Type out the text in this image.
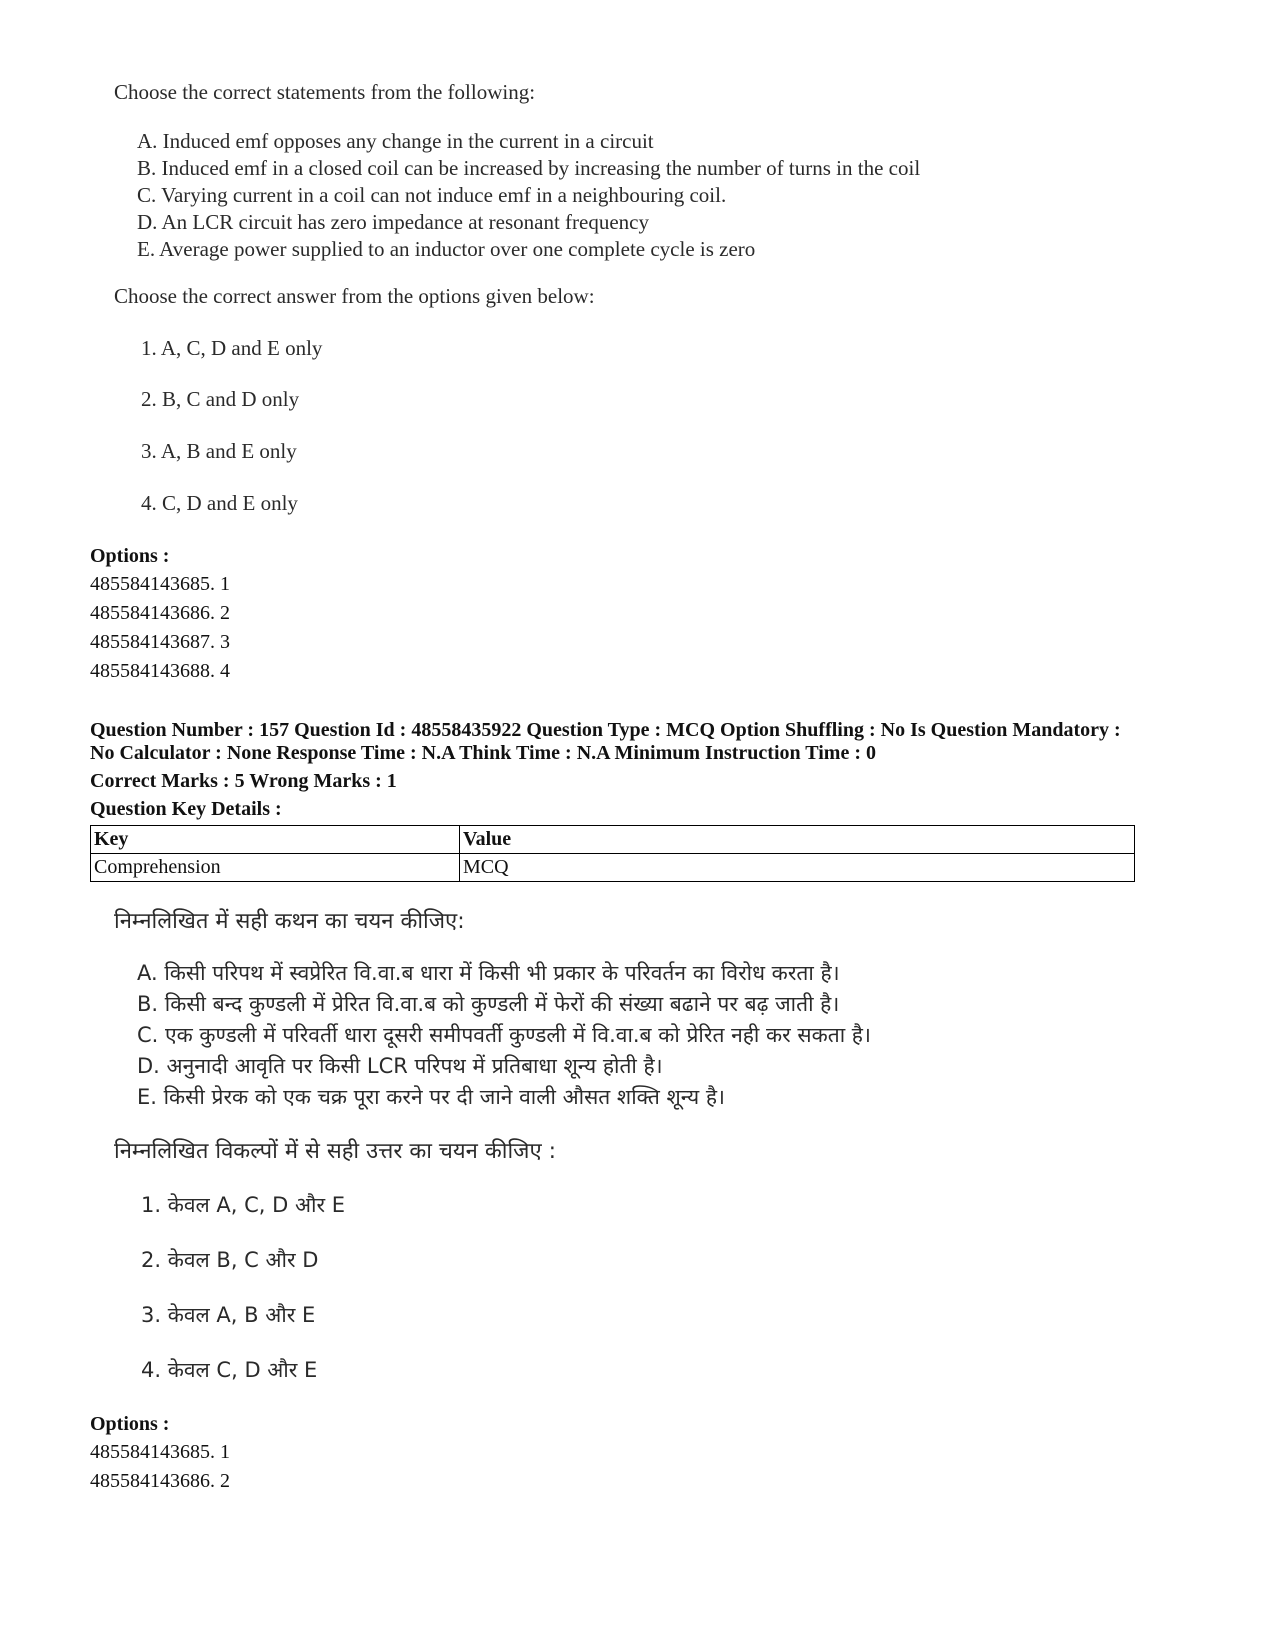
Choose the correct statements from the following:
A. Induced emf opposes any change in the current in a circuit
B. Induced emf in a closed coil can be increased by increasing the number of turns in the coil
C. Varying current in a coil can not induce emf in a neighbouring coil.
D. An LCR circuit has zero impedance at resonant frequency
E. Average power supplied to an inductor over one complete cycle is zero
Choose the correct answer from the options given below:
1. A, C, D and E only
2. B, C and D only
3. A, B and E only
4. C, D and E only
Options :
485584143685. 1
485584143686. 2
485584143687. 3
485584143688. 4
Question Number : 157 Question Id : 48558435922 Question Type : MCQ Option Shuffling : No Is Question Mandatory :
No Calculator : None Response Time : N.A Think Time : N.A Minimum Instruction Time : 0
Correct Marks : 5 Wrong Marks : 1
Question Key Details :
Key	Value
Comprehension	MCQ
निम्नलिखित में सही कथन का चयन कीजिए:
A. किसी परिपथ में स्वप्रेरित वि.वा.ब धारा में किसी भी प्रकार के परिवर्तन का विरोध करता है।
B. किसी बन्द कुण्डली में प्रेरित वि.वा.ब को कुण्डली में फेरों की संख्या बढाने पर बढ़ जाती है।
C. एक कुण्डली में परिवर्ती धारा दूसरी समीपवर्ती कुण्डली में वि.वा.ब को प्रेरित नही कर सकता है।
D. अनुनादी आवृति पर किसी LCR परिपथ में प्रतिबाधा शून्य होती है।
E. किसी प्रेरक को एक चक्र पूरा करने पर दी जाने वाली औसत शक्ति शून्य है।
निम्नलिखित विकल्पों में से सही उत्तर का चयन कीजिए :
1. केवल A, C, D और E
2. केवल B, C और D
3. केवल A, B और E
4. केवल C, D और E
Options :
485584143685. 1
485584143686. 2
